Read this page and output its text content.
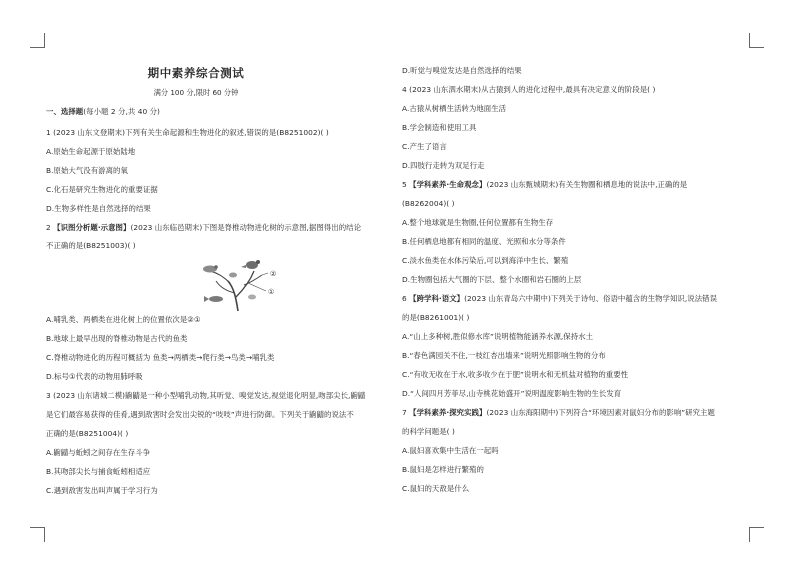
期中素养综合测试
满分 100 分,限时 60 分钟
一、选择题(每小题 2 分,共 40 分)
1 (2023 山东文登期末)下列有关生命起源和生物进化的叙述,错误的是(B8251002)( )
A.原始生命起源于原始陆地
B.原始大气没有游离的氧
C.化石是研究生物进化的重要证据
D.生物多样性是自然选择的结果
2 【识图分析题·示意图】(2023 山东临邑期末)下图是脊椎动物进化树的示意图,据图得出的结论
不正确的是(B8251003)( )
②
①
A.哺乳类、两栖类在进化树上的位置依次是②①
B.地球上最早出现的脊椎动物是古代的鱼类
C.脊椎动物进化的历程可概括为 鱼类→两栖类→爬行类→鸟类→哺乳类
D.标号①代表的动物用肺呼吸
3 (2023 山东诸城二模)鼩鼱是一种小型哺乳动物,其听觉、嗅觉发达,视觉退化明显,吻部尖长,鼩鼱
是它们最容易获得的佳肴,遇到敌害时会发出尖锐的“吱吱”声进行防御。下列关于鼩鼱的说法不
正确的是(B8251004)( )
A.鼩鼱与蚯蚓之间存在生存斗争
B.其吻部尖长与捕食蚯蚓相适应
C.遇到敌害发出叫声属于学习行为
D.听觉与嗅觉发达是自然选择的结果
4 (2023 山东泗水期末)从古猿到人的进化过程中,最具有决定意义的阶段是( )
A.古猿从树栖生活转为地面生活
B.学会制造和使用工具
C.产生了语言
D.四肢行走转为双足行走
5 【学科素养·生命观念】(2023 山东甄城期末)有关生物圈和栖息地的说法中,正确的是
(B8262004)( )
A.整个地球就是生物圈,任何位置都有生物生存
B.任何栖息地都有相同的温度、光照和水分等条件
C.淡水鱼类在水体污染后,可以到海洋中生长、繁殖
D.生物圈包括大气圈的下层、整个水圈和岩石圈的上层
6 【跨学科·语文】(2023 山东青岛六中期中)下列关于诗句、俗语中蕴含的生物学知识,说法错误
的是(B8261001)( )
A.“山上多种树,胜似修水库”说明植物能涵养水源,保持水土
B.“春色满园关不住,一枝红杏出墙来”说明光照影响生物的分布
C.“有收无收在于水,收多收少在于肥”说明水和无机盐对植物的重要性
D.“人间四月芳菲尽,山寺桃花始盛开”说明温度影响生物的生长发育
7 【学科素养·探究实践】(2023 山东海阳期中)下列符合“环境因素对鼠妇分布的影响”研究主题
的科学问题是( )
A.鼠妇喜欢集中生活在一起吗
B.鼠妇是怎样进行繁殖的
C.鼠妇的天敌是什么
